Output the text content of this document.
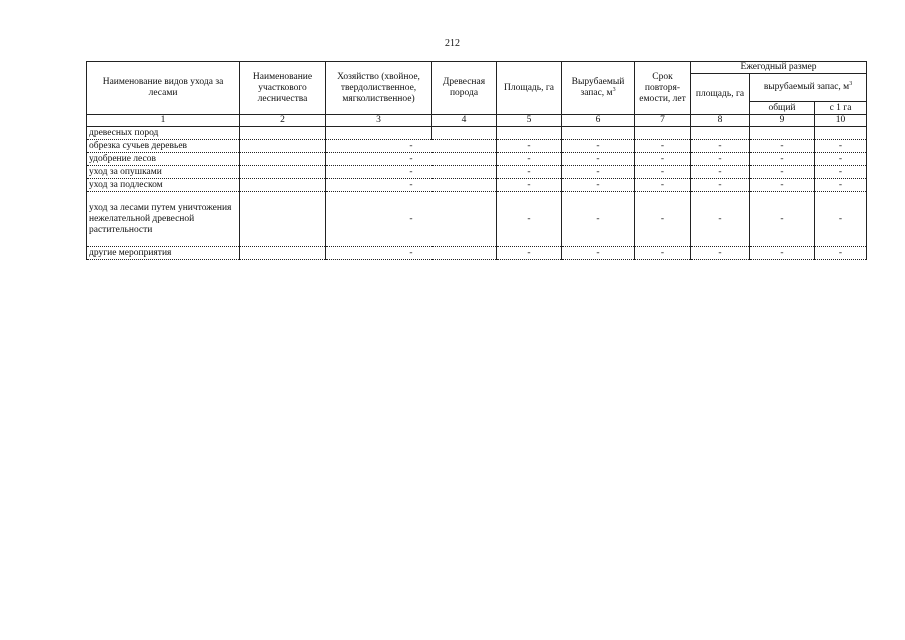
212
Наименование видов ухода за лесами	Наименование участкового лесничества	Хозяйство (хвойное, твердолиственное, мягколиственное)	Древесная порода	Площадь, га	Вырубаемый запас, $м^3$	Срок повторя-емости, лет	Ежегодный размер		
							площадь, га	вырубаемый запас, $м^3$
								общий	с 1 га
1	2	3	4	5	6	7	8	9	10
древесных пород									
обрезка сучьев деревьев		-		-	-	-	-	-	-
удобрение лесов		-		-	-	-	-	-	-
уход за опушками		-		-	-	-	-	-	-
уход за подлеском		-		-	-	-	-	-	-
уход за лесами путем уничтожения нежелательной древесной растительности		-		-	-	-	-	-	-
другие мероприятия		-		-	-	-	-	-	-
